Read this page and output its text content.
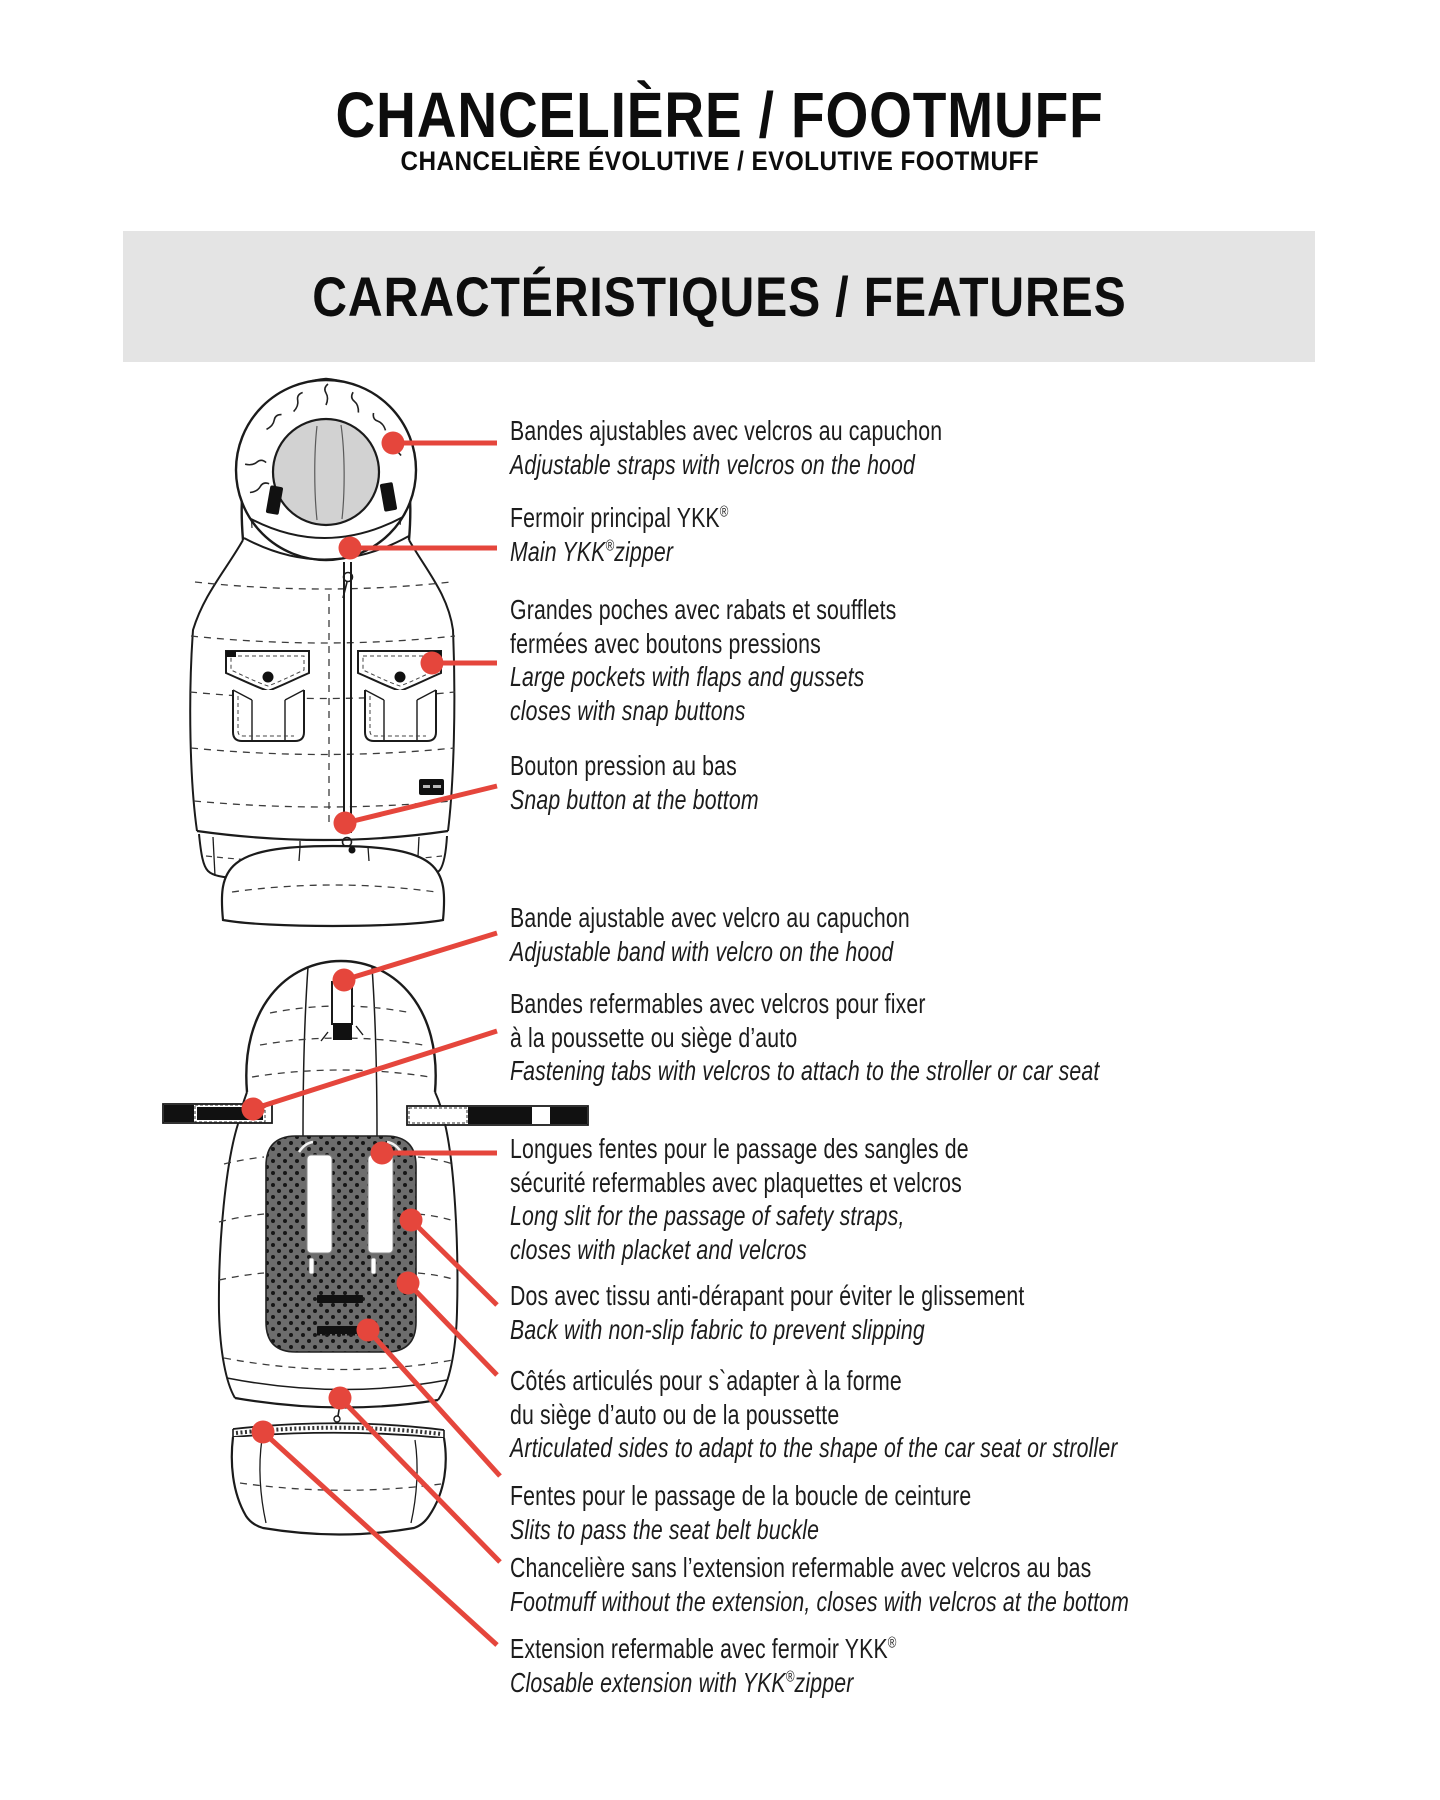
CHANCELIÈRE / FOOTMUFF
CHANCELIÈRE ÉVOLUTIVE / EVOLUTIVE FOOTMUFF
CARACTÉRISTIQUES / FEATURES
Bandes ajustables avec velcros au capuchon
Adjustable straps with velcros on the hood
Fermoir principal YKK®
Main YKK®zipper
Grandes poches avec rabats et soufflets
fermées avec boutons pressions
Large pockets with flaps and gussets
closes with snap buttons
Bouton pression au bas
Snap button at the bottom
Bande ajustable avec velcro au capuchon
Adjustable band with velcro on the hood
Bandes refermables avec velcros pour fixer
à la poussette ou siège d’auto
Fastening tabs with velcros to attach to the stroller or car seat
Longues fentes pour le passage des sangles de
sécurité refermables avec plaquettes et velcros
Long slit for the passage of safety straps,
closes with placket and velcros
Dos avec tissu anti-dérapant pour éviter le glissement
Back with non-slip fabric to prevent slipping
Côtés articulés pour s`adapter à la forme
du siège d’auto ou de la poussette
Articulated sides to adapt to the shape of the car seat or stroller
Fentes pour le passage de la boucle de ceinture
Slits to pass the seat belt buckle
Chancelière sans l’extension refermable avec velcros au bas
Footmuff without the extension, closes with velcros at the bottom
Extension refermable avec fermoir YKK®
Closable extension with YKK®zipper
